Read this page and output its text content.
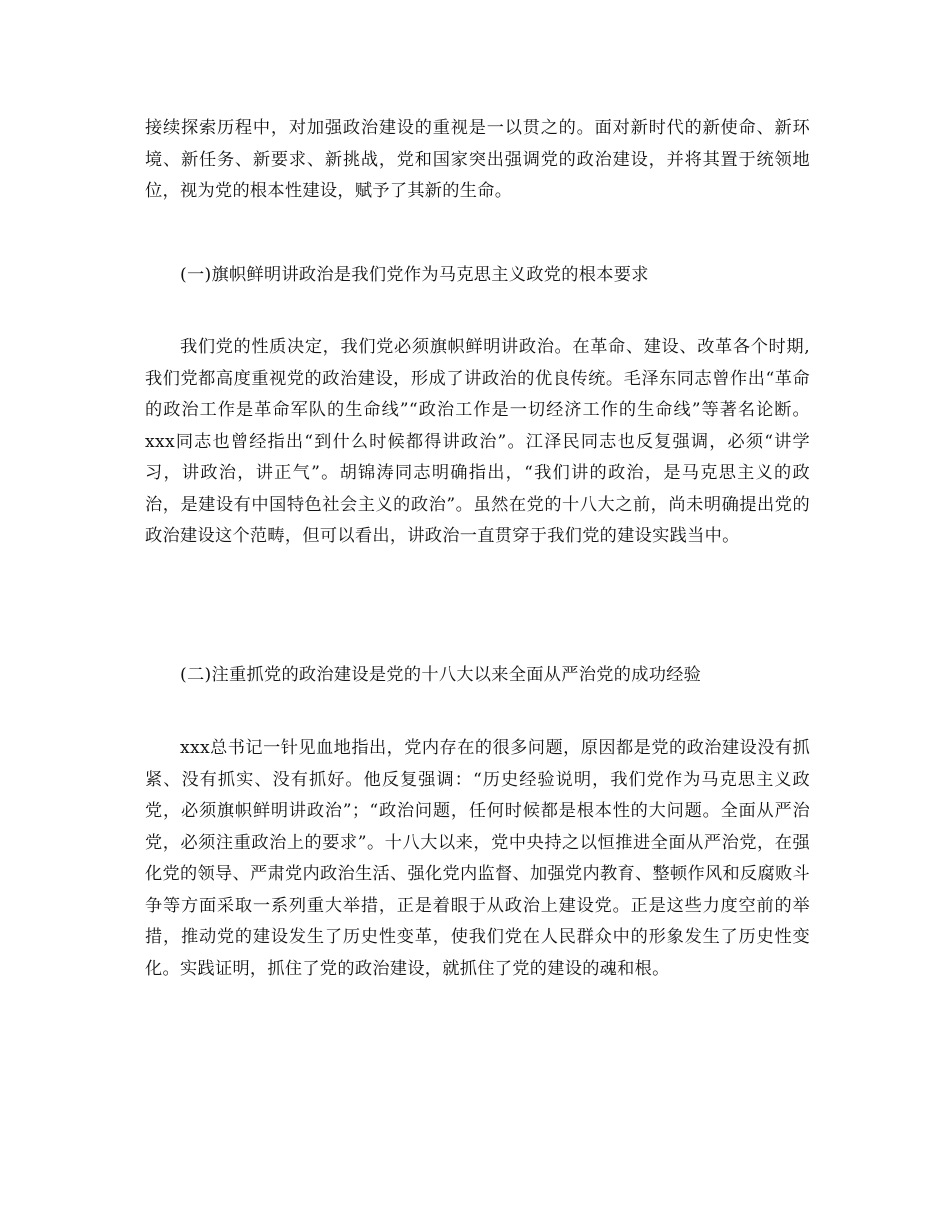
接续探索历程中，对加强政治建设的重视是一以贯之的。面对新时代的新使命、新环境、新任务、新要求、新挑战，党和国家突出强调党的政治建设，并将其置于统领地位，视为党的根本性建设，赋予了其新的生命。

(一)旗帜鲜明讲政治是我们党作为马克思主义政党的根本要求

我们党的性质决定，我们党必须旗帜鲜明讲政治。在革命、建设、改革各个时期,我们党都高度重视党的政治建设，形成了讲政治的优良传统。毛泽东同志曾作出“革命的政治工作是革命军队的生命线”“政治工作是一切经济工作的生命线”等著名论断。xxx同志也曾经指出“到什么时候都得讲政治”。江泽民同志也反复强调，必须“讲学习，讲政治，讲正气”。胡锦涛同志明确指出，“我们讲的政治，是马克思主义的政治，是建设有中国特色社会主义的政治”。虽然在党的十八大之前，尚未明确提出党的政治建设这个范畴，但可以看出，讲政治一直贯穿于我们党的建设实践当中。

(二)注重抓党的政治建设是党的十八大以来全面从严治党的成功经验

xxx总书记一针见血地指出，党内存在的很多问题，原因都是党的政治建设没有抓紧、没有抓实、没有抓好。他反复强调：“历史经验说明，我们党作为马克思主义政党，必须旗帜鲜明讲政治”；“政治问题，任何时候都是根本性的大问题。全面从严治党，必须注重政治上的要求”。十八大以来，党中央持之以恒推进全面从严治党，在强化党的领导、严肃党内政治生活、强化党内监督、加强党内教育、整顿作风和反腐败斗争等方面采取一系列重大举措，正是着眼于从政治上建设党。正是这些力度空前的举措，推动党的建设发生了历史性变革，使我们党在人民群众中的形象发生了历史性变化。实践证明，抓住了党的政治建设，就抓住了党的建设的魂和根。
